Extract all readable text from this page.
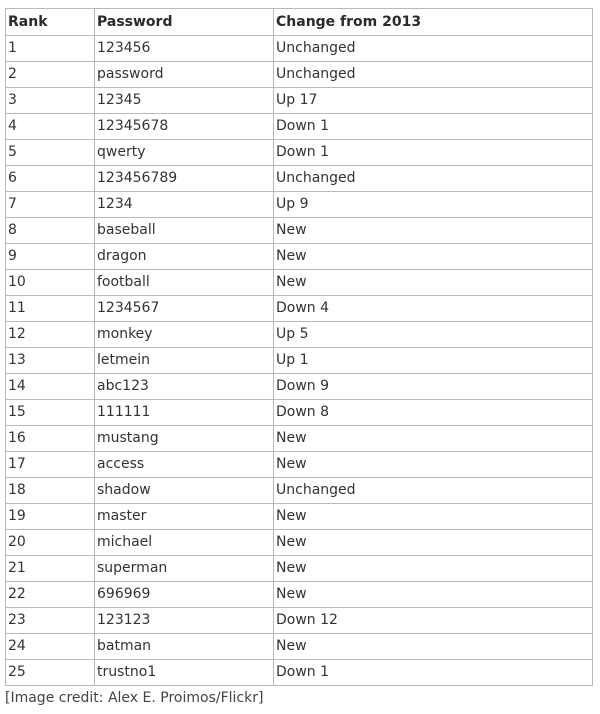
Rank	Password	Change from 2013
1	123456	Unchanged
2	password	Unchanged
3	12345	Up 17
4	12345678	Down 1
5	qwerty	Down 1
6	123456789	Unchanged
7	1234	Up 9
8	baseball	New
9	dragon	New
10	football	New
11	1234567	Down 4
12	monkey	Up 5
13	letmein	Up 1
14	abc123	Down 9
15	111111	Down 8
16	mustang	New
17	access	New
18	shadow	Unchanged
19	master	New
20	michael	New
21	superman	New
22	696969	New
23	123123	Down 12
24	batman	New
25	trustno1	Down 1
[Image credit: Alex E. Proimos/Flickr]
